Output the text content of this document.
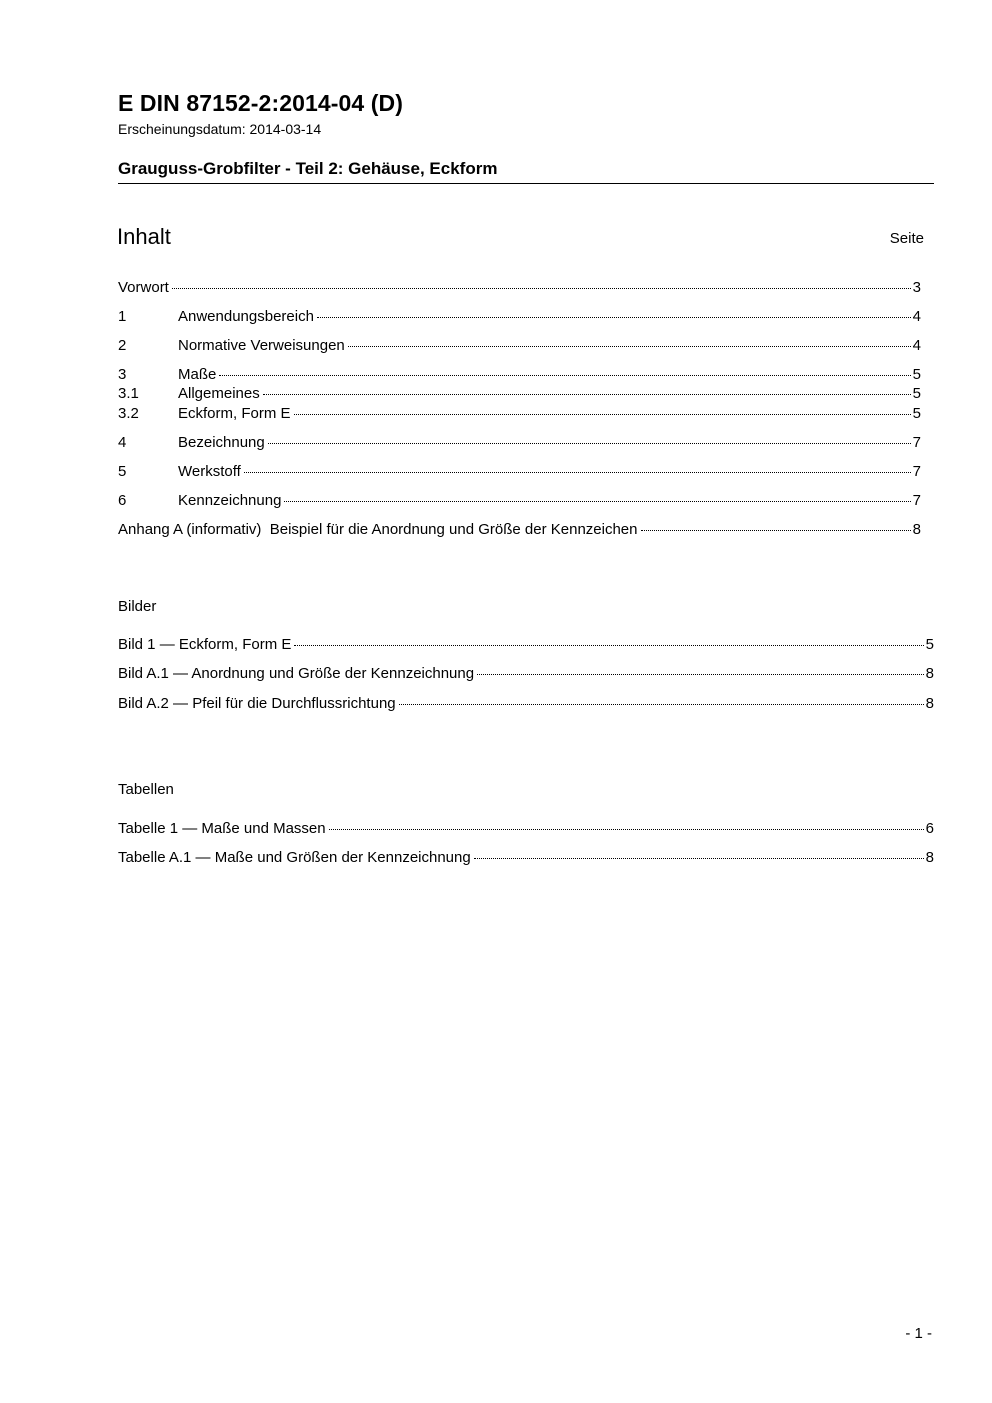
E DIN 87152-2:2014-04 (D)
Erscheinungsdatum: 2014-03-14
Grauguss-Grobfilter - Teil 2: Gehäuse, Eckform
Inhalt	Seite
Vorwort	3
1	Anwendungsbereich	4
2	Normative Verweisungen	4
3	Maße	5
3.1	Allgemeines	5
3.2	Eckform, Form E	5
4	Bezeichnung	7
5	Werkstoff	7
6	Kennzeichnung	7
Anhang A (informativ)  Beispiel für die Anordnung und Größe der Kennzeichen	8
Bilder
Bild 1 — Eckform, Form E	5
Bild A.1 — Anordnung und Größe der Kennzeichnung	8
Bild A.2 — Pfeil für die Durchflussrichtung	8
Tabellen
Tabelle 1 — Maße und Massen	6
Tabelle A.1 — Maße und Größen der Kennzeichnung	8
- 1 -
